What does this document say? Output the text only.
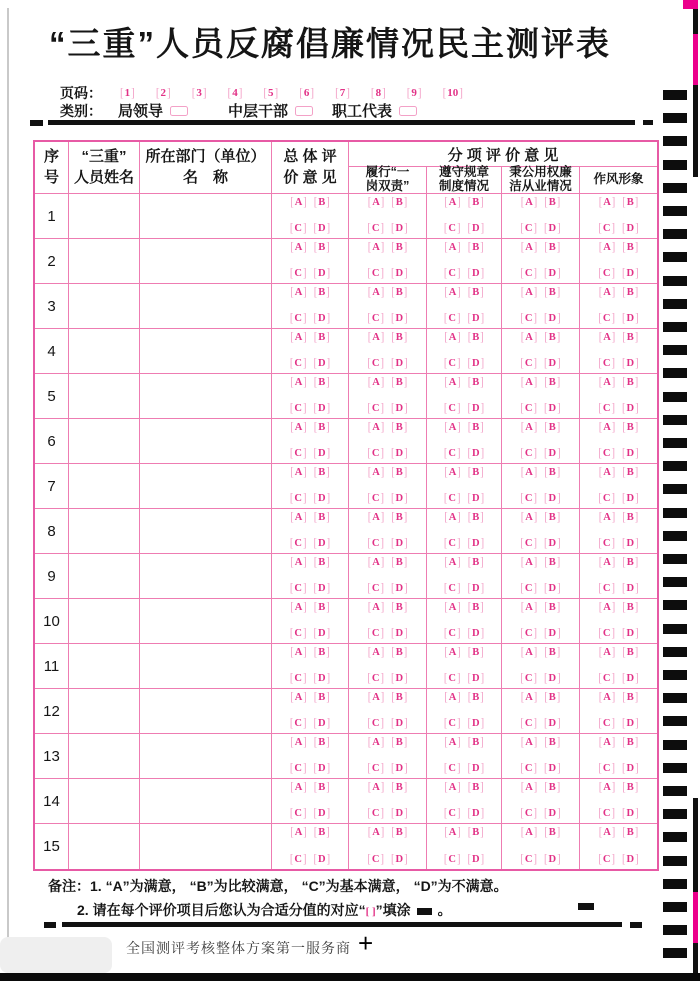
“三重”人员反腐倡廉情况民主测评表
页码： [ 1 ] [ 2 ] [ 3 ] [ 4 ] [ 5 ] [ 6 ] [ 7 ] [ 8 ] [ 9 ] [ 10 ]
类别： 局领导	中层干部	职工代表
序
号
“三重”
人员姓名
所在部门（单位）
名　称
总 体 评
价 意 见
分 项 评 价 意 见
履行“一
岗双责”
遵守规章
制度情况
秉公用权廉
洁从业情况 作风形象
1
[ A ] [ B ]
[ C ] [ D ]
[ A ] [ B ]
[ C ] [ D ]
[ A ] [ B ]
[ C ] [ D ]
[ A ] [ B ]
[ C ] [ D ]
[ A ] [ B ]
[ C ] [ D ]
2
[ A ] [ B ]
[ C ] [ D ]
[ A ] [ B ]
[ C ] [ D ]
[ A ] [ B ]
[ C ] [ D ]
[ A ] [ B ]
[ C ] [ D ]
[ A ] [ B ]
[ C ] [ D ]
3
[ A ] [ B ]
[ C ] [ D ]
[ A ] [ B ]
[ C ] [ D ]
[ A ] [ B ]
[ C ] [ D ]
[ A ] [ B ]
[ C ] [ D ]
[ A ] [ B ]
[ C ] [ D ]
4
[ A ] [ B ]
[ C ] [ D ]
[ A ] [ B ]
[ C ] [ D ]
[ A ] [ B ]
[ C ] [ D ]
[ A ] [ B ]
[ C ] [ D ]
[ A ] [ B ]
[ C ] [ D ]
5
[ A ] [ B ]
[ C ] [ D ]
[ A ] [ B ]
[ C ] [ D ]
[ A ] [ B ]
[ C ] [ D ]
[ A ] [ B ]
[ C ] [ D ]
[ A ] [ B ]
[ C ] [ D ]
6
[ A ] [ B ]
[ C ] [ D ]
[ A ] [ B ]
[ C ] [ D ]
[ A ] [ B ]
[ C ] [ D ]
[ A ] [ B ]
[ C ] [ D ]
[ A ] [ B ]
[ C ] [ D ]
7
[ A ] [ B ]
[ C ] [ D ]
[ A ] [ B ]
[ C ] [ D ]
[ A ] [ B ]
[ C ] [ D ]
[ A ] [ B ]
[ C ] [ D ]
[ A ] [ B ]
[ C ] [ D ]
8
[ A ] [ B ]
[ C ] [ D ]
[ A ] [ B ]
[ C ] [ D ]
[ A ] [ B ]
[ C ] [ D ]
[ A ] [ B ]
[ C ] [ D ]
[ A ] [ B ]
[ C ] [ D ]
9
[ A ] [ B ]
[ C ] [ D ]
[ A ] [ B ]
[ C ] [ D ]
[ A ] [ B ]
[ C ] [ D ]
[ A ] [ B ]
[ C ] [ D ]
[ A ] [ B ]
[ C ] [ D ]
10
[ A ] [ B ]
[ C ] [ D ]
[ A ] [ B ]
[ C ] [ D ]
[ A ] [ B ]
[ C ] [ D ]
[ A ] [ B ]
[ C ] [ D ]
[ A ] [ B ]
[ C ] [ D ]
11
[ A ] [ B ]
[ C ] [ D ]
[ A ] [ B ]
[ C ] [ D ]
[ A ] [ B ]
[ C ] [ D ]
[ A ] [ B ]
[ C ] [ D ]
[ A ] [ B ]
[ C ] [ D ]
12
[ A ] [ B ]
[ C ] [ D ]
[ A ] [ B ]
[ C ] [ D ]
[ A ] [ B ]
[ C ] [ D ]
[ A ] [ B ]
[ C ] [ D ]
[ A ] [ B ]
[ C ] [ D ]
13
[ A ] [ B ]
[ C ] [ D ]
[ A ] [ B ]
[ C ] [ D ]
[ A ] [ B ]
[ C ] [ D ]
[ A ] [ B ]
[ C ] [ D ]
[ A ] [ B ]
[ C ] [ D ]
14
[ A ] [ B ]
[ C ] [ D ]
[ A ] [ B ]
[ C ] [ D ]
[ A ] [ B ]
[ C ] [ D ]
[ A ] [ B ]
[ C ] [ D ]
[ A ] [ B ]
[ C ] [ D ]
15
[ A ] [ B ]
[ C ] [ D ]
[ A ] [ B ]
[ C ] [ D ]
[ A ] [ B ]
[ C ] [ D ]
[ A ] [ B ]
[ C ] [ D ]
[ A ] [ B ]
[ C ] [ D ]
备注：1. “A”为满意， “B”为比较满意， “C”为基本满意， “D”为不满意。
2. 请在每个评价项目后您认为合适分值的对应“[ ]”填涂 。
全国测评考核整体方案第一服务商 +
